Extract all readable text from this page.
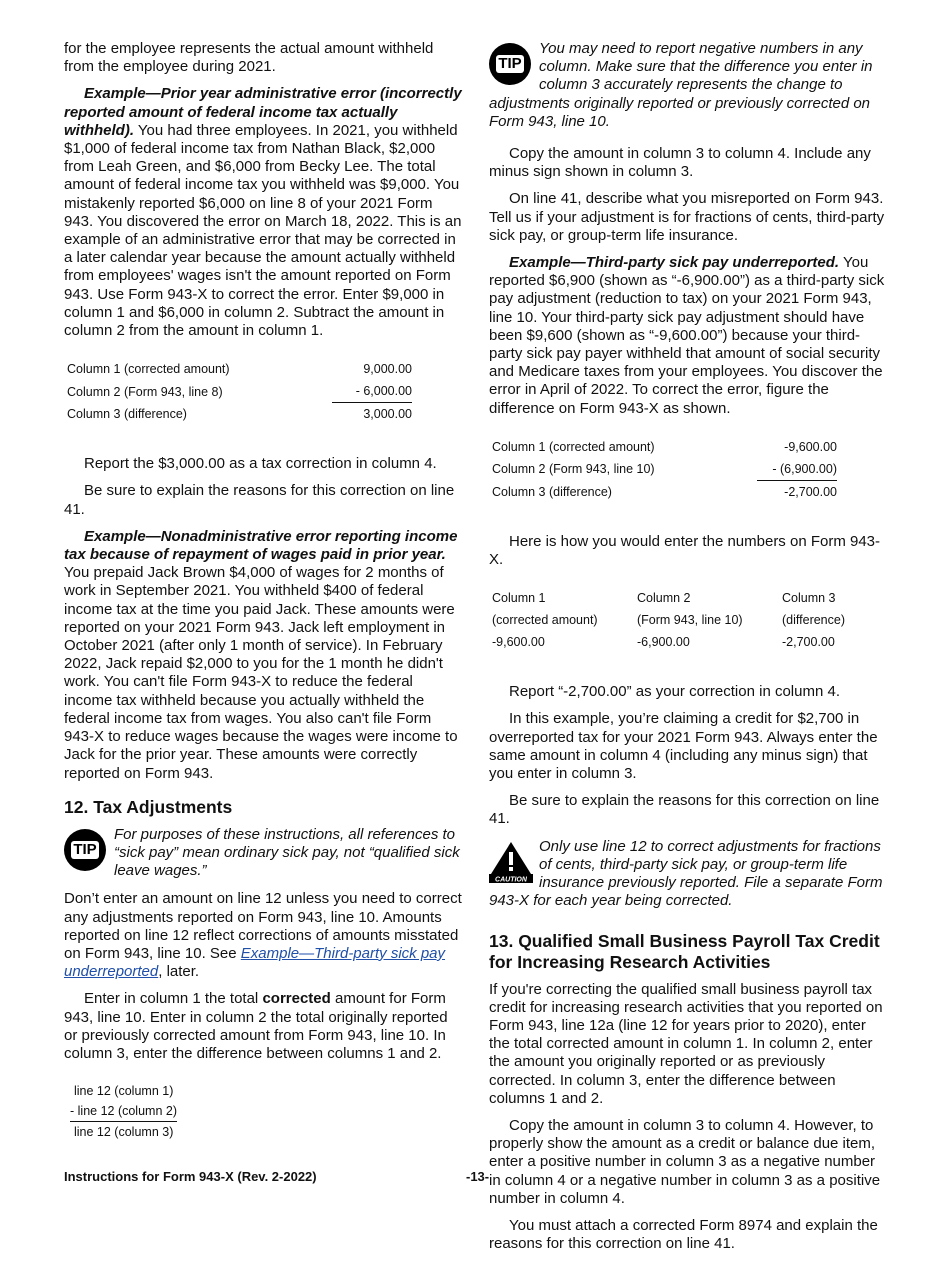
for the employee represents the actual amount withheld from the employee during 2021.

Example—Prior year administrative error (incorrectly reported amount of federal income tax actually withheld). You had three employees. In 2021, you withheld $1,000 of federal income tax from Nathan Black, $2,000 from Leah Green, and $6,000 from Becky Lee. The total amount of federal income tax you withheld was $9,000. You mistakenly reported $6,000 on line 8 of your 2021 Form 943. You discovered the error on March 18, 2022. This is an example of an administrative error that may be corrected in a later calendar year because the amount actually withheld from employees' wages isn't the amount reported on Form 943. Use Form 943-X to correct the error. Enter $9,000 in column 1 and $6,000 in column 2. Subtract the amount in column 2 from the amount in column 1.

Column 1 (corrected amount)	9,000.00
Column 2 (Form 943, line 8)	- 6,000.00
Column 3 (difference)	3,000.00

Report the $3,000.00 as a tax correction in column 4.

Be sure to explain the reasons for this correction on line 41.

Example—Nonadministrative error reporting income tax because of repayment of wages paid in prior year. You prepaid Jack Brown $4,000 of wages for 2 months of work in September 2021. You withheld $400 of federal income tax at the time you paid Jack. These amounts were reported on your 2021 Form 943. Jack left employment in October 2021 (after only 1 month of service). In February 2022, Jack repaid $2,000 to you for the 1 month he didn't work. You can't file Form 943-X to reduce the federal income tax withheld because you actually withheld the federal income tax from wages. You also can't file Form 943-X to reduce wages because the wages were income to Jack for the prior year. These amounts were correctly reported on Form 943.

12. Tax Adjustments
TIP
For purposes of these instructions, all references to “sick pay” mean ordinary sick pay, not “qualified sick leave wages.”

Don’t enter an amount on line 12 unless you need to correct any adjustments reported on Form 943, line 10. Amounts reported on line 12 reflect corrections of amounts misstated on Form 943, line 10. See Example—Third-party sick pay underreported, later.

Enter in column 1 the total corrected amount for Form 943, line 10. Enter in column 2 the total originally reported or previously corrected amount from Form 943, line 10. In column 3, enter the difference between columns 1 and 2.

line 12 (column 1)
- line 12 (column 2)
line 12 (column 3)
TIP
You may need to report negative numbers in any column. Make sure that the difference you enter in column 3 accurately represents the change to
adjustments originally reported or previously corrected on Form 943, line 10.

Copy the amount in column 3 to column 4. Include any minus sign shown in column 3.

On line 41, describe what you misreported on Form 943. Tell us if your adjustment is for fractions of cents, third-party sick pay, or group-term life insurance.

Example—Third-party sick pay underreported. You reported $6,900 (shown as “-6,900.00”) as a third-party sick pay adjustment (reduction to tax) on your 2021 Form 943, line 10. Your third-party sick pay adjustment should have been $9,600 (shown as “-9,600.00”) because your third-party sick pay payer withheld that amount of social security and Medicare taxes from your employees. You discover the error in April of 2022. To correct the error, figure the difference on Form 943-X as shown.

Column 1 (corrected amount)	-9,600.00
Column 2 (Form 943, line 10)	- (6,900.00)
Column 3 (difference)	-2,700.00

Here is how you would enter the numbers on Form 943-X.

Column 1	Column 2	Column 3
(corrected amount)	(Form 943, line 10)	(difference)
-9,600.00	-6,900.00	-2,700.00

Report “-2,700.00” as your correction in column 4.

In this example, you’re claiming a credit for $2,700 in overreported tax for your 2021 Form 943. Always enter the same amount in column 4 (including any minus sign) that you enter in column 3.

Be sure to explain the reasons for this correction on line 41.

CAUTION
Only use line 12 to correct adjustments for fractions of cents, third-party sick pay, or group-term life insurance previously reported. File a separate Form
943-X for each year being corrected.
13. Qualified Small Business Payroll Tax Credit for Increasing Research Activities

If you're correcting the qualified small business payroll tax credit for increasing research activities that you reported on Form 943, line 12a (line 12 for years prior to 2020), enter the total corrected amount in column 1. In column 2, enter the amount you originally reported or as previously corrected. In column 3, enter the difference between columns 1 and 2.

Copy the amount in column 3 to column 4. However, to properly show the amount as a credit or balance due item, enter a positive number in column 3 as a negative number in column 4 or a negative number in column 3 as a positive number in column 4.

You must attach a corrected Form 8974 and explain the reasons for this correction on line 41.

Instructions for Form 943-X (Rev. 2-2022)	-13-
